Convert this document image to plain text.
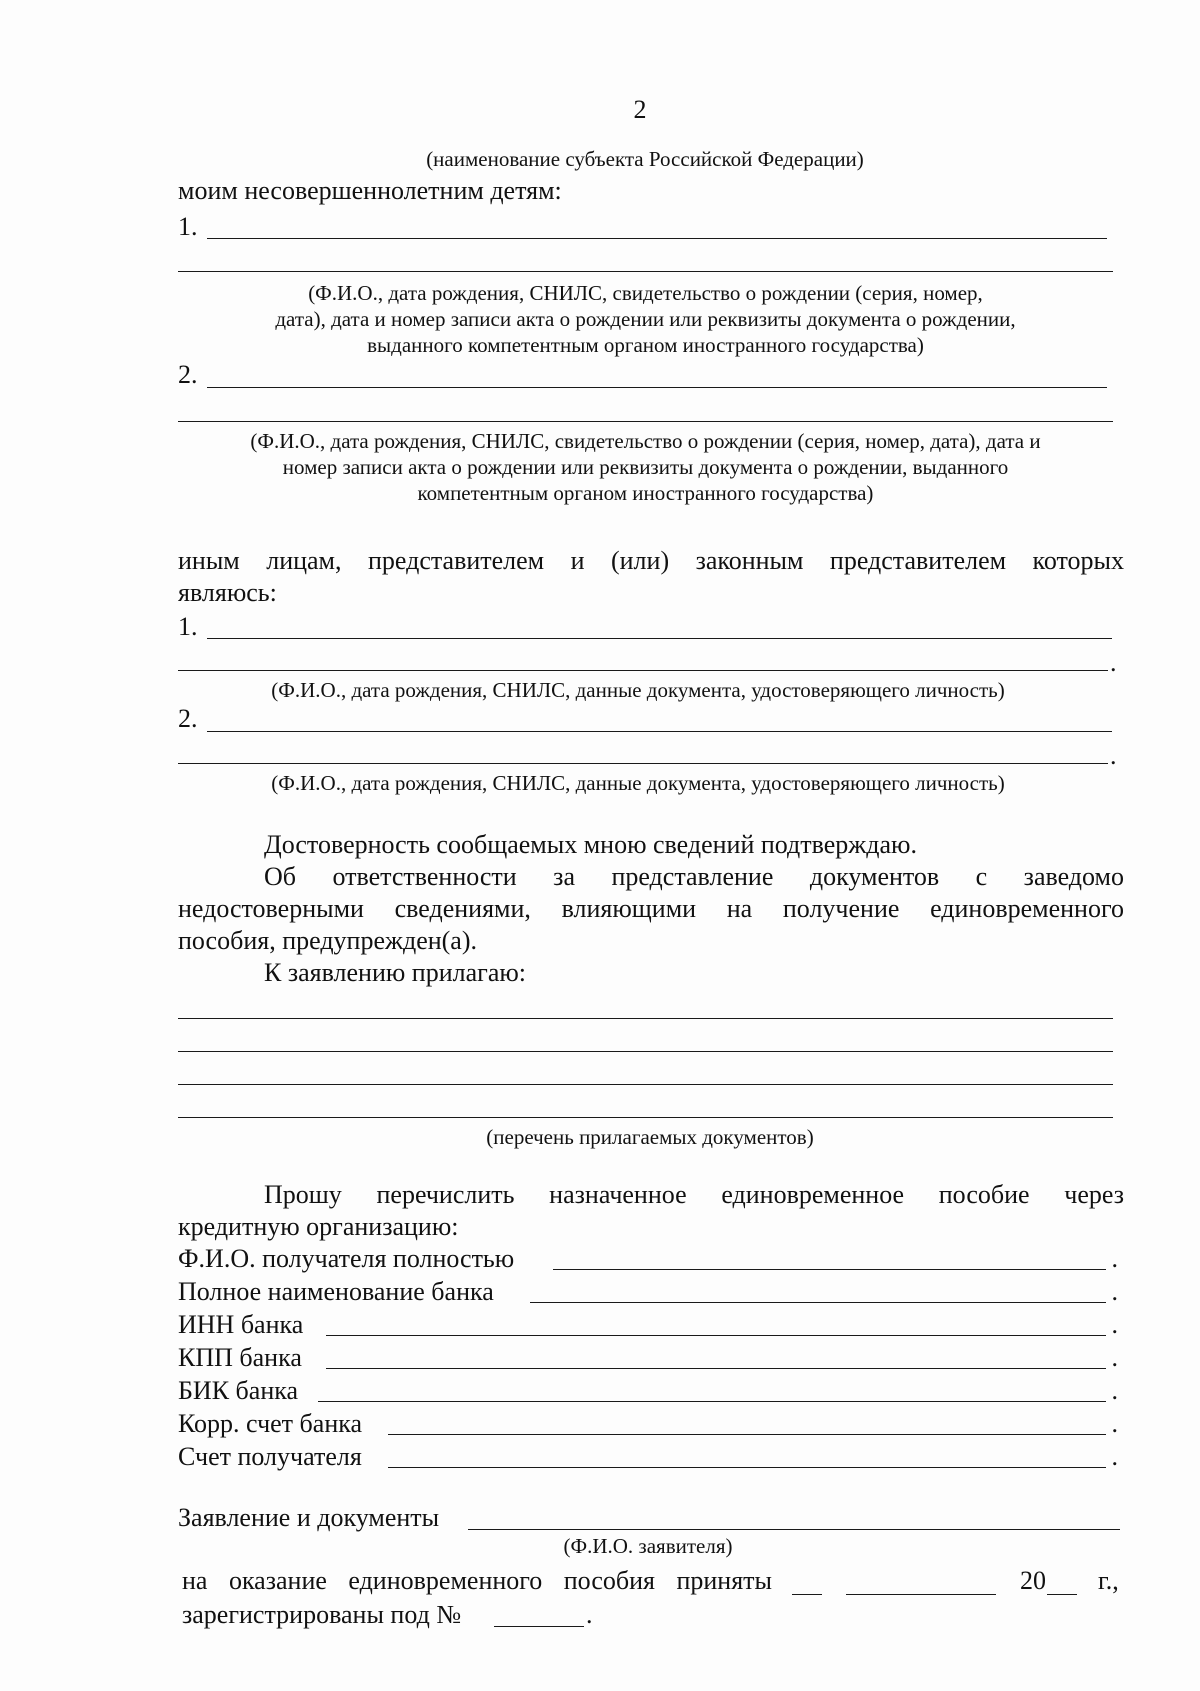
2
(наименование субъекта Российской Федерации)
моим несовершеннолетним детям:
1.
(Ф.И.О., дата рождения, СНИЛС, свидетельство о рождении (серия, номер,
дата), дата и номер записи акта о рождении или реквизиты документа о рождении,
выданного компетентным органом иностранного государства)
2.
(Ф.И.О., дата рождения, СНИЛС, свидетельство о рождении (серия, номер, дата), дата и
номер записи акта о рождении или реквизиты документа о рождении, выданного
компетентным органом иностранного государства)
иным лицам, представителем и (или) законным представителем которых
являюсь:
1.
.
(Ф.И.О., дата рождения, СНИЛС, данные документа, удостоверяющего личность)
2.
.
(Ф.И.О., дата рождения, СНИЛС, данные документа, удостоверяющего личность)
Достоверность сообщаемых мною сведений подтверждаю.
Об ответственности за представление документов с заведомо
недостоверными сведениями, влияющими на получение единовременного
пособия, предупрежден(а).
К заявлению прилагаю:
(перечень прилагаемых документов)
Прошу перечислить назначенное единовременное пособие через
кредитную организацию:
Ф.И.О. получателя полностью	.
Полное наименование банка	.
ИНН банка	.
КПП банка	.
БИК банка	.
Корр. счет банка	.
Счет получателя	.
Заявление и документы
(Ф.И.О. заявителя)
на оказание единовременного пособия приняты	20 г.,
зарегистрированы под №	.
